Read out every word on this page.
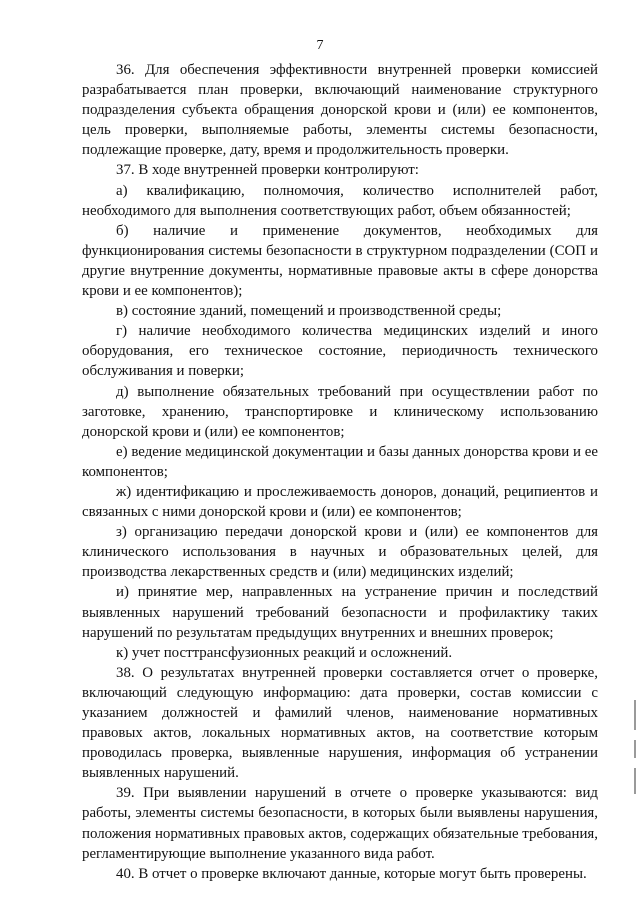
7

36. Для обеспечения эффективности внутренней проверки комиссией разрабатывается план проверки, включающий наименование структурного подразделения субъекта обращения донорской крови и (или) ее компонентов, цель проверки, выполняемые работы, элементы системы безопасности, подлежащие проверке, дату, время и продолжительность проверки.

37. В ходе внутренней проверки контролируют:

а) квалификацию, полномочия, количество исполнителей работ, необходимого для выполнения соответствующих работ, объем обязанностей;

б) наличие и применение документов, необходимых для функционирования системы безопасности в структурном подразделении (СОП и другие внутренние документы, нормативные правовые акты в сфере донорства крови и ее компонентов);

в) состояние зданий, помещений и производственной среды;

г) наличие необходимого количества медицинских изделий и иного оборудования, его техническое состояние, периодичность технического обслуживания и поверки;

д) выполнение обязательных требований при осуществлении работ по заготовке, хранению, транспортировке и клиническому использованию донорской крови и (или) ее компонентов;

е) ведение медицинской документации и базы данных донорства крови и ее компонентов;

ж) идентификацию и прослеживаемость доноров, донаций, реципиентов и связанных с ними донорской крови и (или) ее компонентов;

з) организацию передачи донорской крови и (или) ее компонентов для клинического использования в научных и образовательных целей, для производства лекарственных средств и (или) медицинских изделий;

и) принятие мер, направленных на устранение причин и последствий выявленных нарушений требований безопасности и профилактику таких нарушений по результатам предыдущих внутренних и внешних проверок;

к) учет посттрансфузионных реакций и осложнений.

38. О результатах внутренней проверки составляется отчет о проверке, включающий следующую информацию: дата проверки, состав комиссии с указанием должностей и фамилий членов, наименование нормативных правовых актов, локальных нормативных актов, на соответствие которым проводилась проверка, выявленные нарушения, информация об устранении выявленных нарушений.

39. При выявлении нарушений в отчете о проверке указываются: вид работы, элементы системы безопасности, в которых были выявлены нарушения, положения нормативных правовых актов, содержащих обязательные требования, регламентирующие выполнение указанного вида работ.

40. В отчет о проверке включают данные, которые могут быть проверены.
